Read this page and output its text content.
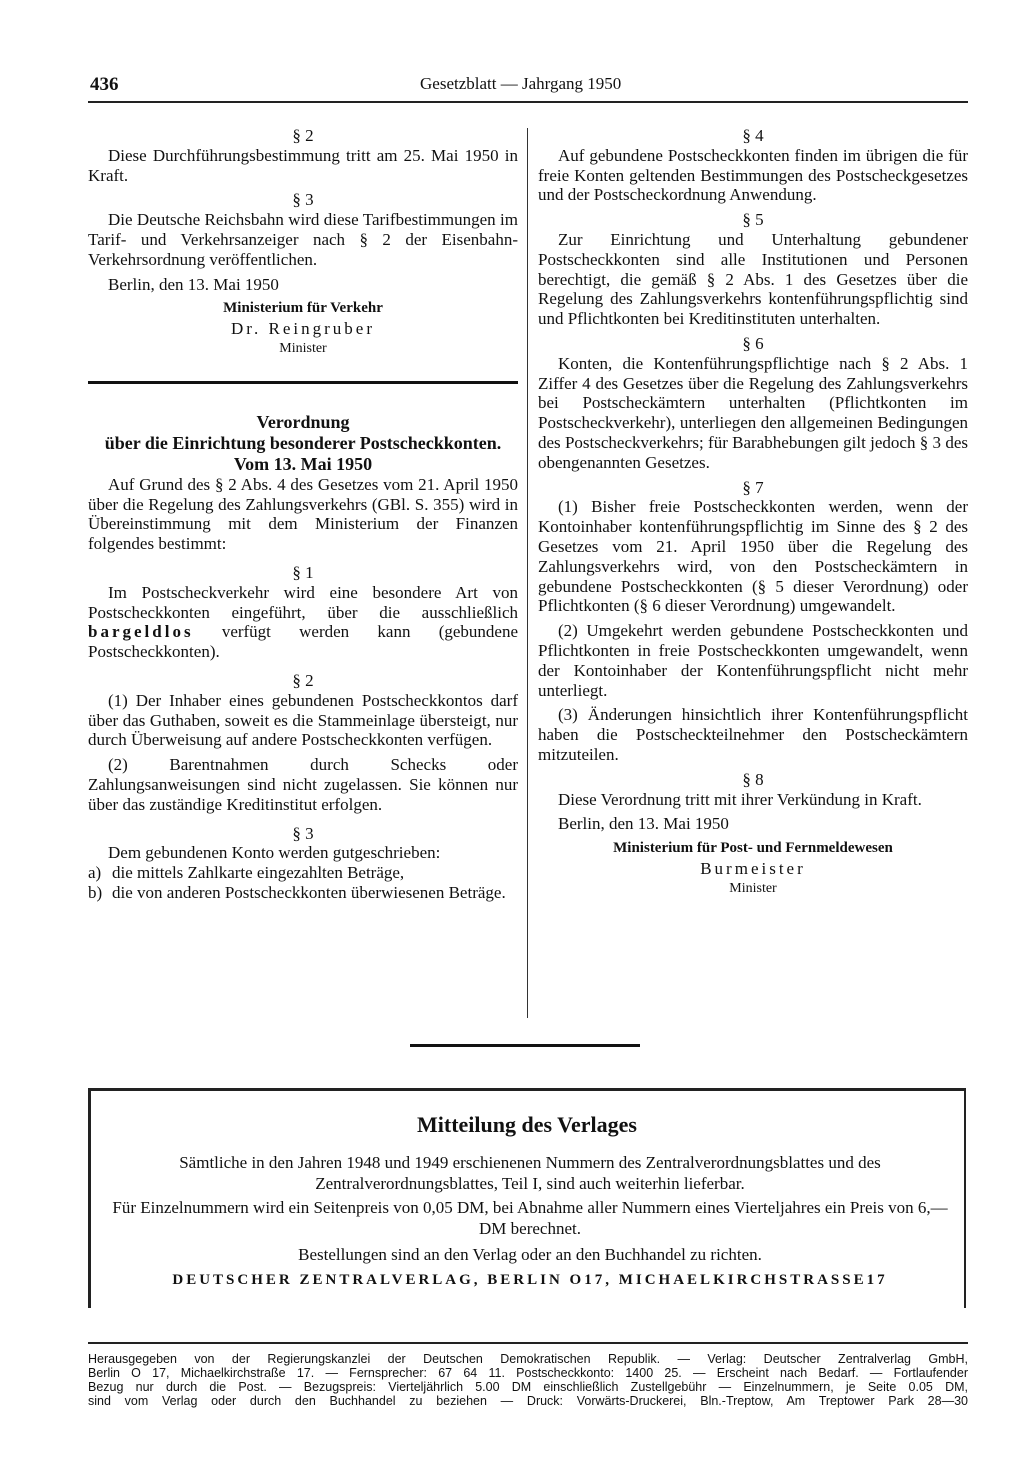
436	Gesetzblatt — Jahrgang 1950

§ 2

Diese Durchführungsbestimmung tritt am 25. Mai 1950 in Kraft.

§ 3

Die Deutsche Reichsbahn wird diese Tarifbestimmungen im Tarif- und Verkehrsanzeiger nach § 2 der Eisenbahn-Verkehrsordnung veröffentlichen.

Berlin, den 13. Mai 1950

Ministerium für Verkehr

Dr. Reingruber

Minister

Verordnung

über die Einrichtung besonderer Postscheckkonten.

Vom 13. Mai 1950

Auf Grund des § 2 Abs. 4 des Gesetzes vom 21. April 1950 über die Regelung des Zahlungsverkehrs (GBl. S. 355) wird in Übereinstimmung mit dem Ministerium der Finanzen folgendes bestimmt:

§ 1

Im Postscheckverkehr wird eine besondere Art von Postscheckkonten eingeführt, über die ausschließlich bargeldlos verfügt werden kann (gebundene Postscheckkonten).

§ 2

(1) Der Inhaber eines gebundenen Postscheckkontos darf über das Guthaben, soweit es die Stammeinlage übersteigt, nur durch Überweisung auf andere Postscheckkonten verfügen.

(2) Barentnahmen durch Schecks oder Zahlungsanweisungen sind nicht zugelassen. Sie können nur über das zuständige Kreditinstitut erfolgen.

§ 3

Dem gebundenen Konto werden gutgeschrieben:

a) die mittels Zahlkarte eingezahlten Beträge,
b) die von anderen Postscheckkonten überwiesenen Beträge.

§ 4

Auf gebundene Postscheckkonten finden im übrigen die für freie Konten geltenden Bestimmungen des Postscheckgesetzes und der Postscheckordnung Anwendung.

§ 5

Zur Einrichtung und Unterhaltung gebundener Postscheckkonten sind alle Institutionen und Personen berechtigt, die gemäß § 2 Abs. 1 des Gesetzes über die Regelung des Zahlungsverkehrs kontenführungspflichtig sind und Pflichtkonten bei Kreditinstituten unterhalten.

§ 6

Konten, die Kontenführungspflichtige nach § 2 Abs. 1 Ziffer 4 des Gesetzes über die Regelung des Zahlungsverkehrs bei Postscheckämtern unterhalten (Pflichtkonten im Postscheckverkehr), unterliegen den allgemeinen Bedingungen des Postscheckverkehrs; für Barabhebungen gilt jedoch § 3 des obengenannten Gesetzes.

§ 7

(1) Bisher freie Postscheckkonten werden, wenn der Kontoinhaber kontenführungspflichtig im Sinne des § 2 des Gesetzes vom 21. April 1950 über die Regelung des Zahlungsverkehrs wird, von den Postscheckämtern in gebundene Postscheckkonten (§ 5 dieser Verordnung) oder Pflichtkonten (§ 6 dieser Verordnung) umgewandelt.

(2) Umgekehrt werden gebundene Postscheckkonten und Pflichtkonten in freie Postscheckkonten umgewandelt, wenn der Kontoinhaber der Kontenführungspflicht nicht mehr unterliegt.

(3) Änderungen hinsichtlich ihrer Kontenführungspflicht haben die Postscheckteilnehmer den Postscheckämtern mitzuteilen.

§ 8

Diese Verordnung tritt mit ihrer Verkündung in Kraft.

Berlin, den 13. Mai 1950

Ministerium für Post- und Fernmeldewesen

Burmeister

Minister

Mitteilung des Verlages

Sämtliche in den Jahren 1948 und 1949 erschienenen Nummern des Zentralverordnungsblattes und des Zentralverordnungsblattes, Teil I, sind auch weiterhin lieferbar.

Für Einzelnummern wird ein Seitenpreis von 0,05 DM, bei Abnahme aller Nummern eines Vierteljahres ein Preis von 6,— DM berechnet.

Bestellungen sind an den Verlag oder an den Buchhandel zu richten.

DEUTSCHER ZENTRALVERLAG, BERLIN O17, MICHAELKIRCHSTRASSE17
Herausgegeben von der Regierungskanzlei der Deutschen Demokratischen Republik. — Verlag: Deutscher Zentralverlag GmbH,
Berlin O 17, Michaelkirchstraße 17. — Fernsprecher: 67 64 11. Postscheckkonto: 1400 25. — Erscheint nach Bedarf. — Fortlaufender
Bezug nur durch die Post. — Bezugspreis: Vierteljährlich 5.00 DM einschließlich Zustellgebühr — Einzelnummern, je Seite 0.05 DM,
sind vom Verlag oder durch den Buchhandel zu beziehen — Druck: Vorwärts-Druckerei, Bln.-Treptow, Am Treptower Park 28—30
